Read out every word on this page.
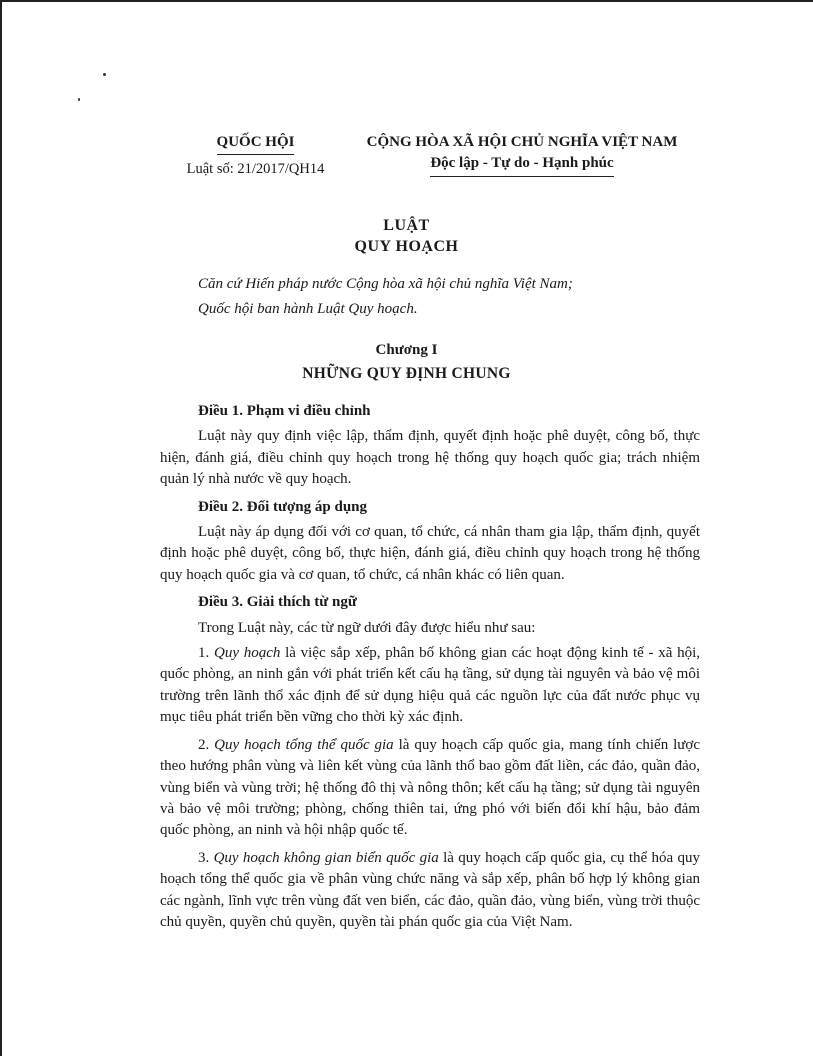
QUỐC HỘI
Luật số: 21/2017/QH14
CỘNG HÒA XÃ HỘI CHỦ NGHĨA VIỆT NAM
Độc lập - Tự do - Hạnh phúc
LUẬT
QUY HOẠCH
Căn cứ Hiến pháp nước Cộng hòa xã hội chủ nghĩa Việt Nam;
Quốc hội ban hành Luật Quy hoạch.
Chương I
NHỮNG QUY ĐỊNH CHUNG
Điều 1. Phạm vi điều chỉnh

Luật này quy định việc lập, thẩm định, quyết định hoặc phê duyệt, công bố, thực hiện, đánh giá, điều chỉnh quy hoạch trong hệ thống quy hoạch quốc gia; trách nhiệm quản lý nhà nước về quy hoạch.

Điều 2. Đối tượng áp dụng

Luật này áp dụng đối với cơ quan, tổ chức, cá nhân tham gia lập, thẩm định, quyết định hoặc phê duyệt, công bố, thực hiện, đánh giá, điều chỉnh quy hoạch trong hệ thống quy hoạch quốc gia và cơ quan, tổ chức, cá nhân khác có liên quan.

Điều 3. Giải thích từ ngữ

Trong Luật này, các từ ngữ dưới đây được hiểu như sau:

1. Quy hoạch là việc sắp xếp, phân bố không gian các hoạt động kinh tế - xã hội, quốc phòng, an ninh gắn với phát triển kết cấu hạ tầng, sử dụng tài nguyên và bảo vệ môi trường trên lãnh thổ xác định để sử dụng hiệu quả các nguồn lực của đất nước phục vụ mục tiêu phát triển bền vững cho thời kỳ xác định.

2. Quy hoạch tổng thể quốc gia là quy hoạch cấp quốc gia, mang tính chiến lược theo hướng phân vùng và liên kết vùng của lãnh thổ bao gồm đất liền, các đảo, quần đảo, vùng biển và vùng trời; hệ thống đô thị và nông thôn; kết cấu hạ tầng; sử dụng tài nguyên và bảo vệ môi trường; phòng, chống thiên tai, ứng phó với biến đổi khí hậu, bảo đảm quốc phòng, an ninh và hội nhập quốc tế.

3. Quy hoạch không gian biển quốc gia là quy hoạch cấp quốc gia, cụ thể hóa quy hoạch tổng thể quốc gia về phân vùng chức năng và sắp xếp, phân bố hợp lý không gian các ngành, lĩnh vực trên vùng đất ven biển, các đảo, quần đảo, vùng biển, vùng trời thuộc chủ quyền, quyền chủ quyền, quyền tài phán quốc gia của Việt Nam.
